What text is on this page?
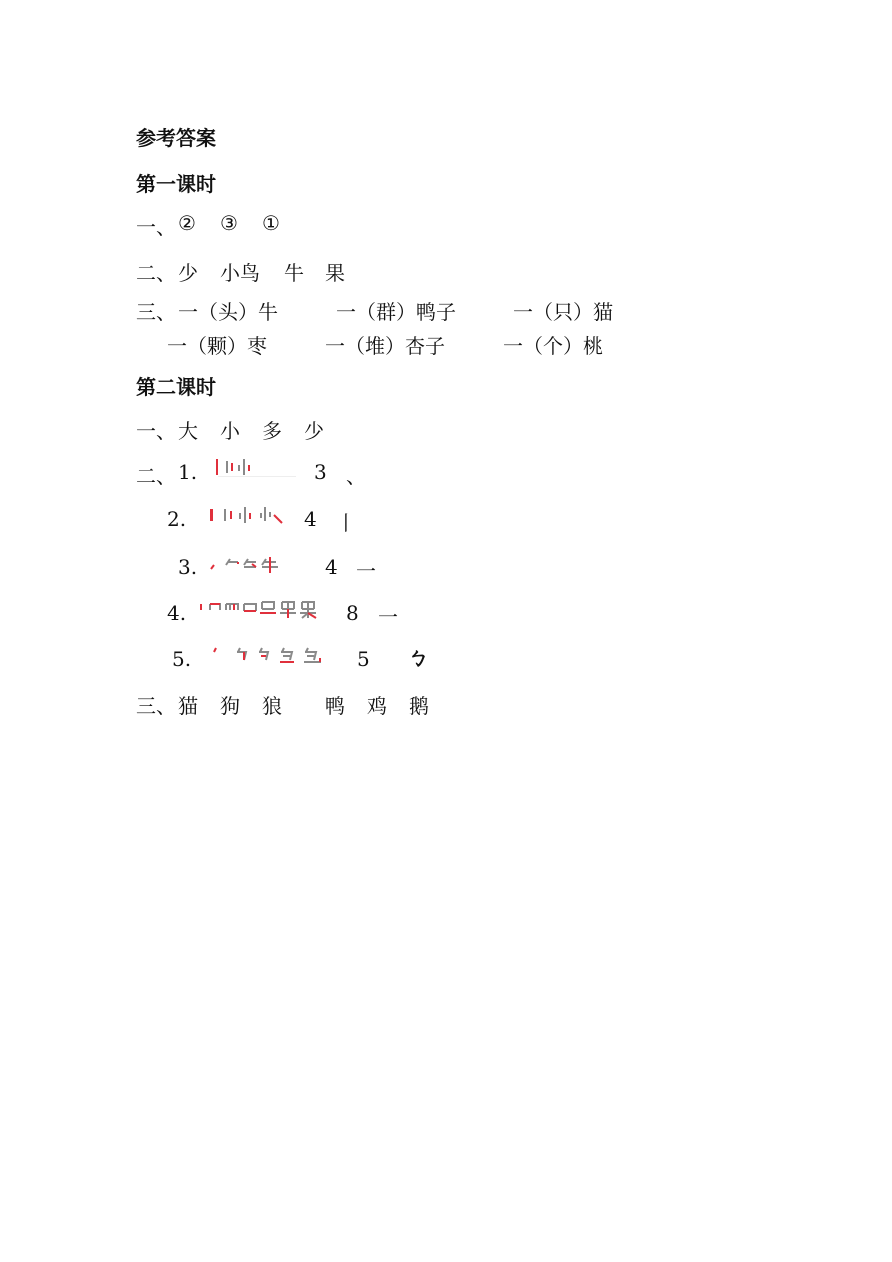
参考答案
第一课时
一、 ② ③ ①
二、 少 小鸟 牛 果
三、 一（头）牛	一（群）鸭子	一（只）猫
一（颗）枣	一（堆）杏子	一（个）桃
第二课时
一、 大 小 多 少
二、 1.	3 、
2.	4 丨
3.	4 一
4.	8 一
5.	5 ㄅ
三、 猫 狗 狼 鸭 鸡 鹅
